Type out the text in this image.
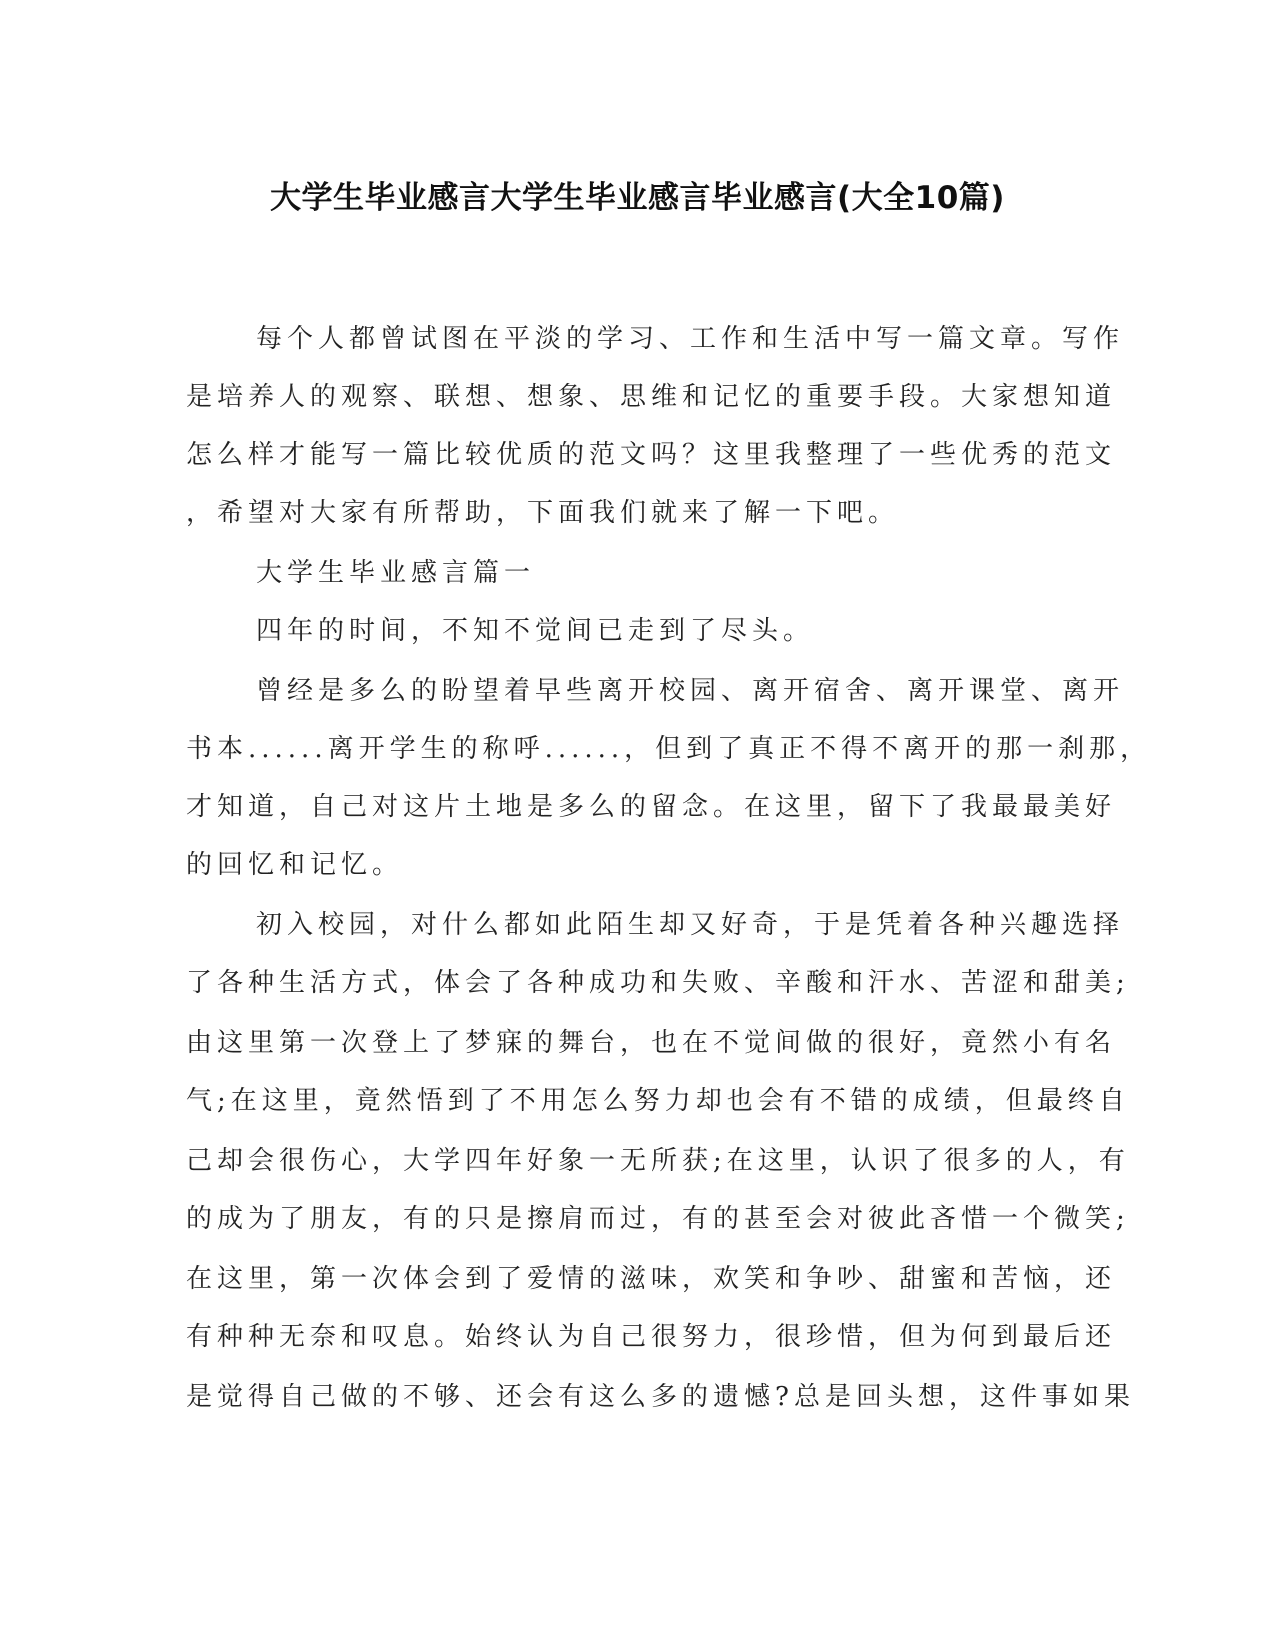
大学生毕业感言大学生毕业感言毕业感言(大全10篇)
每个人都曾试图在平淡的学习、工作和生活中写一篇文章。写作
是培养人的观察、联想、想象、思维和记忆的重要手段。大家想知道
怎么样才能写一篇比较优质的范文吗？这里我整理了一些优秀的范文
，希望对大家有所帮助，下面我们就来了解一下吧。
大学生毕业感言篇一
四年的时间，不知不觉间已走到了尽头。
曾经是多么的盼望着早些离开校园、离开宿舍、离开课堂、离开
书本......离开学生的称呼......，但到了真正不得不离开的那一刹那，
才知道，自己对这片土地是多么的留念。在这里，留下了我最最美好
的回忆和记忆。
初入校园，对什么都如此陌生却又好奇，于是凭着各种兴趣选择
了各种生活方式，体会了各种成功和失败、辛酸和汗水、苦涩和甜美;
由这里第一次登上了梦寐的舞台，也在不觉间做的很好，竟然小有名
气;在这里，竟然悟到了不用怎么努力却也会有不错的成绩，但最终自
己却会很伤心，大学四年好象一无所获;在这里，认识了很多的人，有
的成为了朋友，有的只是擦肩而过，有的甚至会对彼此吝惜一个微笑;
在这里，第一次体会到了爱情的滋味，欢笑和争吵、甜蜜和苦恼，还
有种种无奈和叹息。始终认为自己很努力，很珍惜，但为何到最后还
是觉得自己做的不够、还会有这么多的遗憾?总是回头想，这件事如果
